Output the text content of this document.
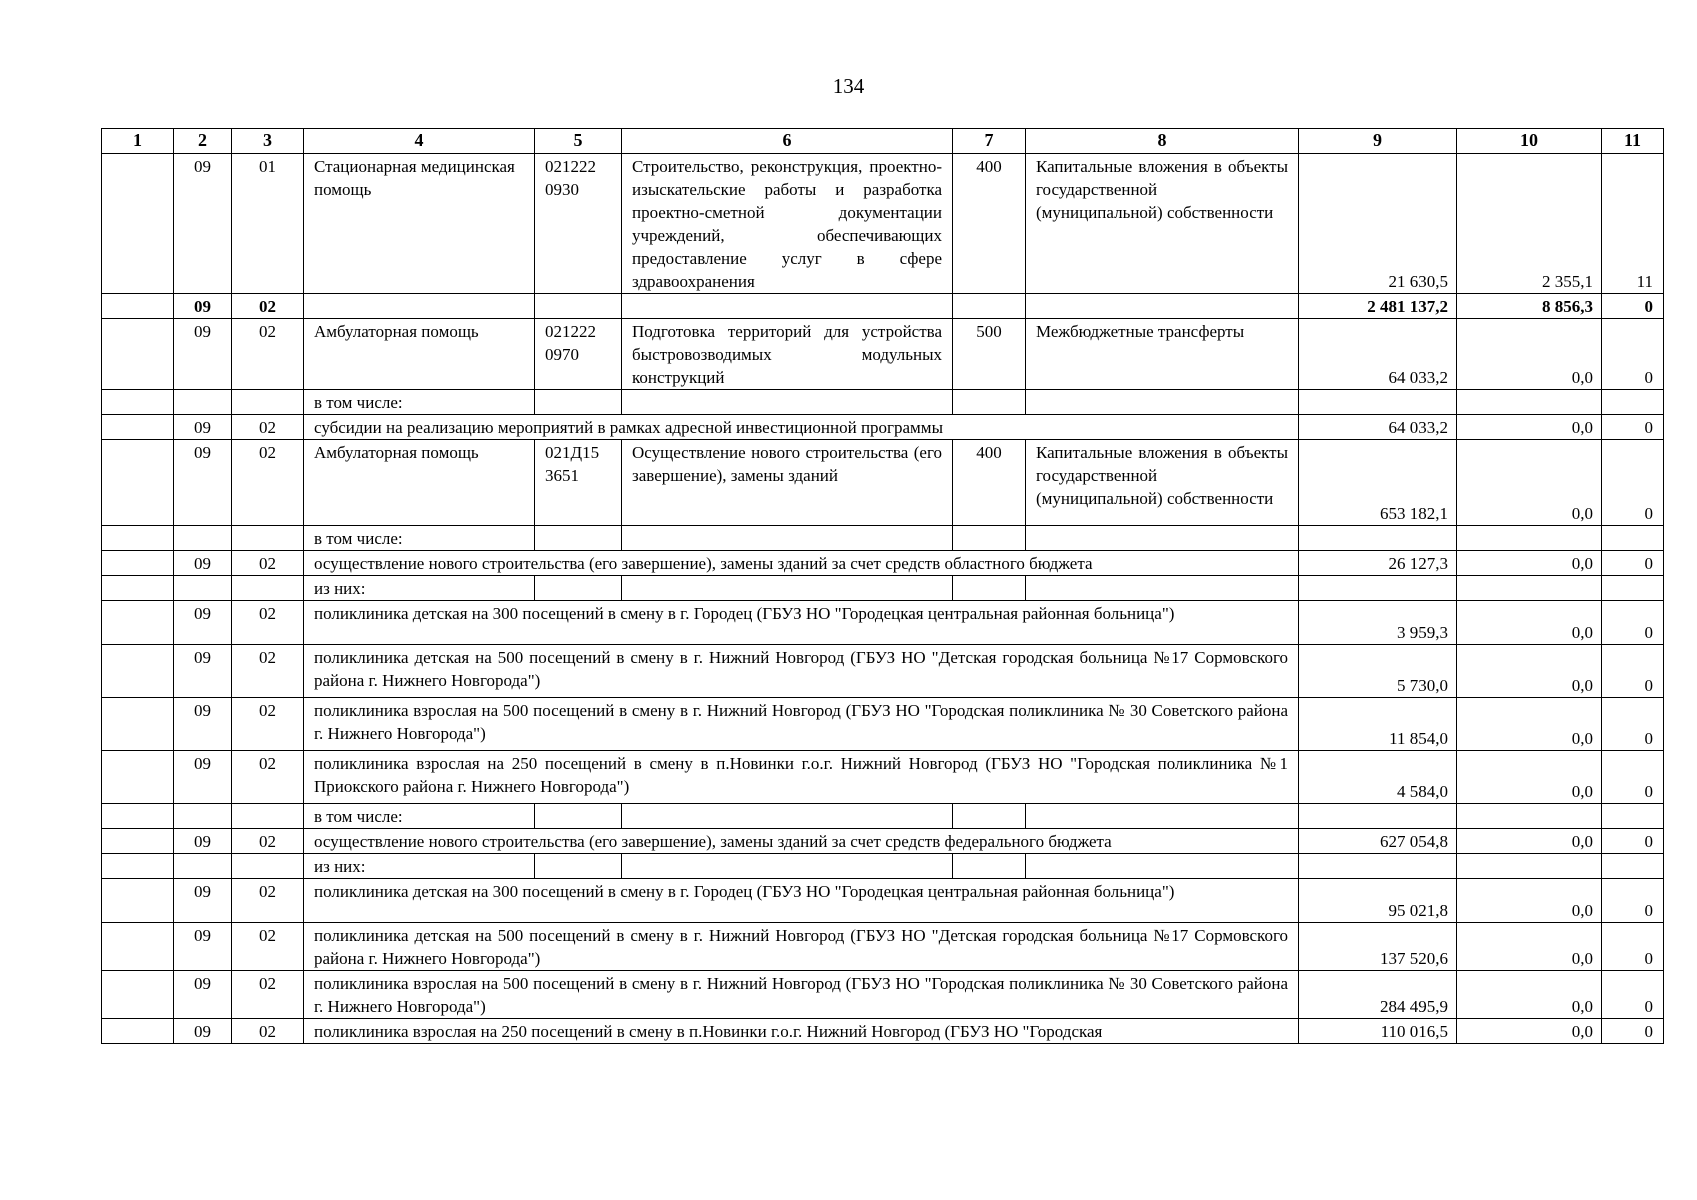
134
1	2	3	4	5	6	7	8	9	10	11
	09	01	Стационарная медицинская помощь	021222 0930	Строительство, реконструкция, проектно-изыскательские работы и разработка проектно-сметной документации учреждений, обеспечивающих предоставление услуг в сфере здравоохранения	400	Капитальные вложения в объекты государственной (муниципальной) собственности	21 630,5	2 355,1	11
	09	02						2 481 137,2	8 856,3	0
	09	02	Амбулаторная помощь	021222 0970	Подготовка территорий для устройства быстровозводимых модульных конструкций	500	Межбюджетные трансферты	64 033,2	0,0	0
			в том числе:							
	09	02	субсидии на реализацию мероприятий в рамках адресной инвестиционной программы					64 033,2	0,0	0
	09	02	Амбулаторная помощь	021Д15 3651	Осуществление нового строительства (его завершение), замены зданий	400	Капитальные вложения в объекты государственной (муниципальной) собственности	653 182,1	0,0	0
			в том числе:							
	09	02	осуществление нового строительства (его завершение), замены зданий за счет средств областного бюджета					26 127,3	0,0	0
			из них:							
	09	02	поликлиника детская на 300 посещений в смену в г. Городец (ГБУЗ НО "Городецкая центральная районная больница")					3 959,3	0,0	0
	09	02	поликлиника детская на 500 посещений в смену в г. Нижний Новгород (ГБУЗ НО "Детская городская больница №17 Сормовского района г. Нижнего Новгорода")					5 730,0	0,0	0
	09	02	поликлиника взрослая на 500 посещений в смену в г. Нижний Новгород (ГБУЗ НО "Городская поликлиника № 30 Советского района г. Нижнего Новгорода")					11 854,0	0,0	0
	09	02	поликлиника взрослая на 250 посещений в смену в п.Новинки г.о.г. Нижний Новгород (ГБУЗ НО "Городская поликлиника №1 Приокского района г. Нижнего Новгорода")					4 584,0	0,0	0
			в том числе:							
	09	02	осуществление нового строительства (его завершение), замены зданий за счет средств федерального бюджета					627 054,8	0,0	0
			из них:							
	09	02	поликлиника детская на 300 посещений в смену в г. Городец (ГБУЗ НО "Городецкая центральная районная больница")					95 021,8	0,0	0
	09	02	поликлиника детская на 500 посещений в смену в г. Нижний Новгород (ГБУЗ НО "Детская городская больница №17 Сормовского района г. Нижнего Новгорода")					137 520,6	0,0	0
	09	02	поликлиника взрослая на 500 посещений в смену в г. Нижний Новгород (ГБУЗ НО "Городская поликлиника № 30 Советского района г. Нижнего Новгорода")					284 495,9	0,0	0
	09	02	поликлиника взрослая на 250 посещений в смену в п.Новинки г.о.г. Нижний Новгород (ГБУЗ НО "Городская					110 016,5	0,0	0
